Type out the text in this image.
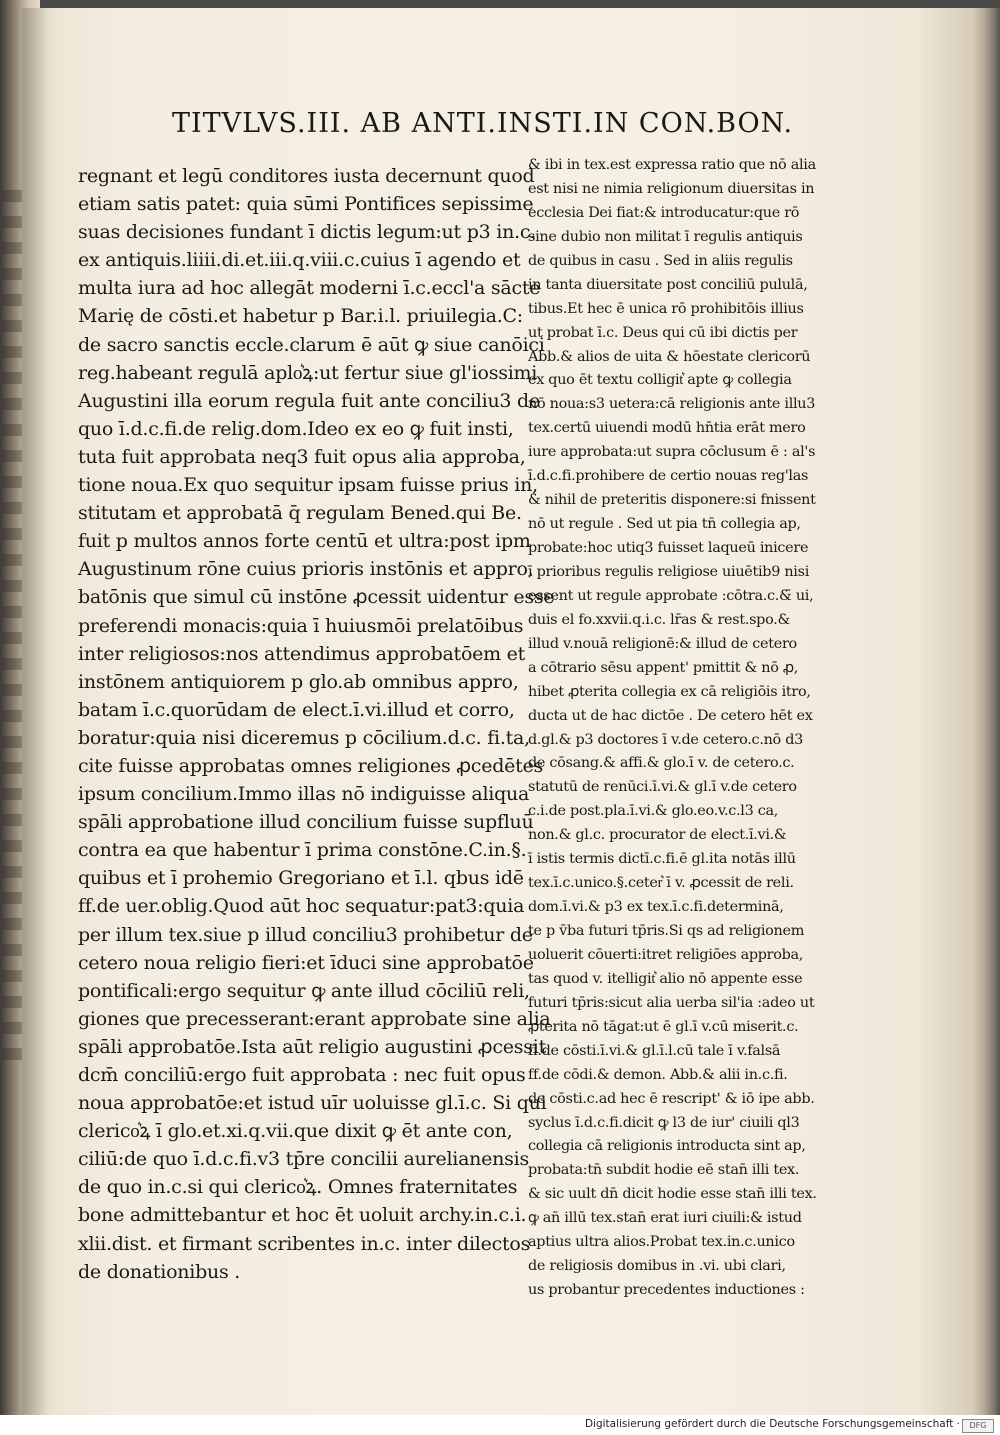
TITVLVS.III. AB ANTI.INSTI.IN CON.BON.
regnant et legū conditores iusta decernunt quod
etiam satis patet: quia sūmi Pontifices sepissime
suas decisiones fundant ī dictis legum:ut p3 in.c.
ex antiquis.liiii.di.et.iii.q.viii.c.cuius ī agendo et
multa iura ad hoc allegāt moderni ī.c.eccl'a sācte
Marię de cōsti.et habetur p Bar.i.l. priuilegia.C:
de sacro sanctis eccle.clarum ē aūt ꝙ siue canōici
reg.habeant regulā aplo͛ꝝ:ut fertur siue gl'iossimi
Augustini illa eorum regula fuit ante conciliu3 de
quo ī.d.c.fi.de relig.dom.Ideo ex eo ꝙ fuit insti,
tuta fuit approbata neq3 fuit opus alia approba,
tione noua.Ex quo sequitur ipsam fuisse prius in,
stitutam et approbatā q̄ regulam Bened.qui Be.
fuit p multos annos forte centū et ultra:post ipm
Augustinum rōne cuius prioris instōnis et appro,
batōnis que simul cū instōne ꝓcessit uidentur esse
preferendi monacis:quia ī huiusmōi prelatōibus
inter religiosos:nos attendimus approbatōem et
instōnem antiquiorem p glo.ab omnibus appro,
batam ī.c.quorūdam de elect.ī.vi.illud et corro,
boratur:quia nisi diceremus p cōcilium.d.c. fi.ta,
cite fuisse approbatas omnes religiones ꝓcedētes
ipsum concilium.Immo illas nō indiguisse aliqua
spāli approbatione illud concilium fuisse supfluū
contra ea que habentur ī prima constōne.C.in.§.
quibus et ī prohemio Gregoriano et ī.l. qbus idē
ff.de uer.oblig.Quod aūt hoc sequatur:pat3:quia
per illum tex.siue p illud conciliu3 prohibetur de
cetero noua religio fieri:et īduci sine approbatōe
pontificali:ergo sequitur ꝙ ante illud cōciliū reli,
giones que precesserant:erant approbate sine alia
spāli approbatōe.Ista aūt religio augustini ꝓcessit
dcm̄ conciliū:ergo fuit approbata : nec fuit opus
noua approbatōe:et istud uīr uoluisse gl.ī.c. Si qui
clerico͛ꝝ ī glo.et.xi.q.vii.que dixit ꝙ ēt ante con,
ciliū:de quo ī.d.c.fi.v3 tp̄re concilii aurelianensis
de quo in.c.si qui clerico͛ꝝ. Omnes fraternitates
bone admittebantur et hoc ēt uoluit archy.in.c.i.
xlii.dist. et firmant scribentes in.c. inter dilectos
de donationibus .
& ibi in tex.est expressa ratio que nō alia
est nisi ne nimia religionum diuersitas in
ecclesia Dei fiat:& introducatur:que rō
sine dubio non militat ī regulis antiquis
de quibus in casu . Sed in aliis regulis
in tanta diuersitate post conciliū pululā,
tibus.Et hec ē unica rō prohibitōis illius
ut probat ī.c. Deus qui cū ibi dictis per
Abb.& alios de uita & hōestate clericorū
ex quo ēt textu colligit͛ apte ꝙ collegia
nō noua:s3 uetera:cā religionis ante illu3
tex.certū uiuendi modū hn̄tia erāt mero
iure approbata:ut supra cōclusum ē : al's
ī.d.c.fi.prohibere de certio nouas reg'las
& nihil de preteritis disponere:si fnissent
nō ut regule . Sed ut pia tn̄ collegia ap,
probate:hoc utiq3 fuisset laqueū inicere
ī prioribus regulis religiose uiuētib9 nisi
essent ut regule approbate :cōtra.c.&̄ ui,
duis el fo.xxvii.q.i.c. lr̄as & rest.spo.&
illud v.nouā religionē:& illud de cetero
a cōtrario sēsu appent' pmittit & nō ꝓ,
hibet ꝓterita collegia ex cā religiōis itro,
ducta ut de hac dictōe . De cetero hēt ex
d.gl.& p3 doctores ī v.de cetero.c.nō d3
de cōsang.& affi.& glo.ī v. de cetero.c.
statutū de renūci.ī.vi.& gl.ī v.de cetero
c.i.de post.pla.ī.vi.& glo.eo.v.c.l3 ca,
non.& gl.c. procurator de elect.ī.vi.&
ī istis termis dictī.c.fi.ē gl.ita notās illū
tex.ī.c.unico.§.ceter͛ ī v. ꝓcessit de reli.
dom.ī.vi.& p3 ex tex.ī.c.fi.determinā,
te p v̄ba futuri tp̄ris.Si qs ad religionem
uoluerit cōuerti:itret religiōes approba,
tas quod v. itelligit͛ alio nō appente esse
futuri tp̄ris:sicut alia uerba sil'ia :adeo ut
ꝓterita nō tāgat:ut ē gl.ī v.cū miserit.c.
fi.de cōsti.ī.vi.& gl.ī.l.cū tale ī v.falsā
ff.de cōdi.& demon. Abb.& alii in.c.fi.
de cōsti.c.ad hec ē rescript' & iō ipe abb.
syclus ī.d.c.fi.dicit ꝙ l3 de iur' ciuili ql3
collegia cā religionis introducta sint ap,
probata:tn̄ subdit hodie eē stan̄ illi tex.
& sic uult dn̄ dicit hodie esse stan̄ illi tex.
ꝙ an̄ illū tex.stan̄ erat iuri ciuili:& istud
aptius ultra alios.Probat tex.in.c.unico
de religiosis domibus in .vi. ubi clari,
us probantur precedentes inductiones :
Digitalisierung gefördert durch die Deutsche Forschungsgemeinschaft ·	DFG
